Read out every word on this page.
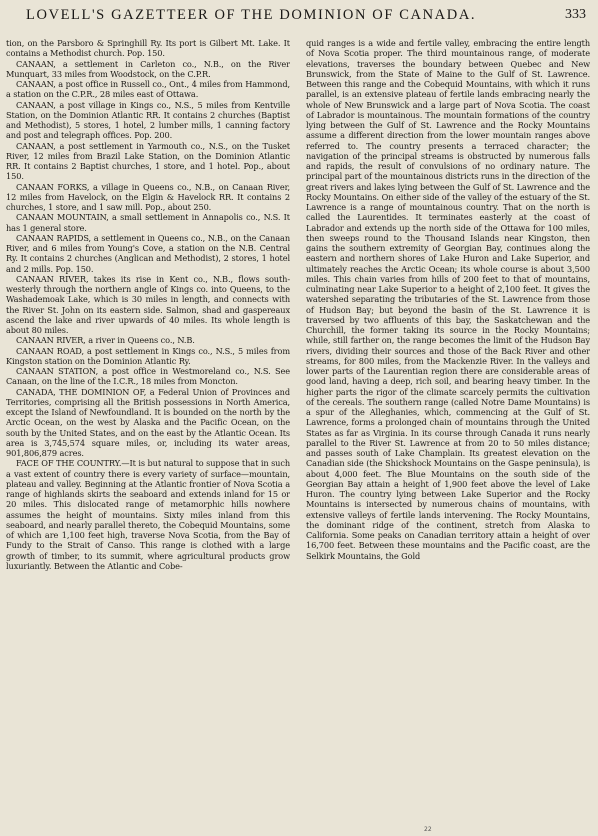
LOVELL'S GAZETTEER OF THE DOMINION OF CANADA.	333

tion, on the Parsboro & Springhill Ry. Its port is Gilbert Mt. Lake. It contains a Methodist church. Pop. 150.

CANAAN, a settlement in Carleton co., N.B., on the River Munquart, 33 miles from Woodstock, on the C.P.R.

CANAAN, a post office in Russell co., Ont., 4 miles from Hammond, a station on the C.P.R., 28 miles east of Ottawa.

CANAAN, a post village in Kings co., N.S., 5 miles from Kentville Station, on the Dominion Atlantic RR. It contains 2 churches (Baptist and Methodist), 5 stores, 1 hotel, 2 lumber mills, 1 canning factory and post and telegraph offices. Pop. 200.

CANAAN, a post settlement in Yarmouth co., N.S., on the Tusket River, 12 miles from Brazil Lake Station, on the Dominion Atlantic RR. It contains 2 Baptist churches, 1 store, and 1 hotel. Pop., about 150.

CANAAN FORKS, a village in Queens co., N.B., on Canaan River, 12 miles from Havelock, on the Elgin & Havelock RR. It contains 2 churches, 1 store, and 1 saw mill. Pop., about 250.

CANAAN MOUNTAIN, a small settlement in Annapolis co., N.S. It has 1 general store.

CANAAN RAPIDS, a settlement in Queens co., N.B., on the Canaan River, and 6 miles from Young's Cove, a station on the N.B. Central Ry. It contains 2 churches (Anglican and Methodist), 2 stores, 1 hotel and 2 mills. Pop. 150.

CANAAN RIVER, takes its rise in Kent co., N.B., flows south-westerly through the northern angle of Kings co. into Queens, to the Washademoak Lake, which is 30 miles in length, and connects with the River St. John on its eastern side. Salmon, shad and gaspereaux ascend the lake and river upwards of 40 miles. Its whole length is about 80 miles.

CANAAN RIVER, a river in Queens co., N.B.

CANAAN ROAD, a post settlement in Kings co., N.S., 5 miles from Kingston station on the Dominion Atlantic Ry.

CANAAN STATION, a post office in Westmoreland co., N.S. See Canaan, on the line of the I.C.R., 18 miles from Moncton.

CANADA, THE DOMINION OF, a Federal Union of Provinces and Territories, comprising all the British possessions in North America, except the Island of Newfoundland. It is bounded on the north by the Arctic Ocean, on the west by Alaska and the Pacific Ocean, on the south by the United States, and on the east by the Atlantic Ocean. Its area is 3,745,574 square miles, or, including its water areas, 901,806,879 acres.

FACE OF THE COUNTRY.—It is but natural to suppose that in such a vast extent of country there is every variety of surface—mountain, plateau and valley. Beginning at the Atlantic frontier of Nova Scotia a range of highlands skirts the seaboard and extends inland for 15 or 20 miles. This dislocated range of metamorphic hills nowhere assumes the height of mountains. Sixty miles inland from this seaboard, and nearly parallel thereto, the Cobequid Mountains, some of which are 1,100 feet high, traverse Nova Scotia, from the Bay of Fundy to the Strait of Canso. This range is clothed with a large growth of timber, to its summit, where agricultural products grow luxuriantly. Between the Atlantic and Cobe-

quid ranges is a wide and fertile valley, embracing the entire length of Nova Scotia proper. The third mountainous range, of moderate elevations, traverses the boundary between Quebec and New Brunswick, from the State of Maine to the Gulf of St. Lawrence. Between this range and the Cobequid Mountains, with which it runs parallel, is an extensive plateau of fertile lands embracing nearly the whole of New Brunswick and a large part of Nova Scotia. The coast of Labrador is mountainous. The mountain formations of the country lying between the Gulf of St. Lawrence and the Rocky Mountains assume a different direction from the lower mountain ranges above referred to. The country presents a terraced character; the navigation of the principal streams is obstructed by numerous falls and rapids, the result of convulsions of no ordinary nature. The principal part of the mountainous districts runs in the direction of the great rivers and lakes lying between the Gulf of St. Lawrence and the Rocky Mountains. On either side of the valley of the estuary of the St. Lawrence is a range of mountainous country. That on the north is called the Laurentides. It terminates easterly at the coast of Labrador and extends up the north side of the Ottawa for 100 miles, then sweeps round to the Thousand Islands near Kingston, then gains the southern extremity of Georgian Bay, continues along the eastern and northern shores of Lake Huron and Lake Superior, and ultimately reaches the Arctic Ocean; its whole course is about 3,500 miles. This chain varies from hills of 200 feet to that of mountains, culminating near Lake Superior to a height of 2,100 feet. It gives the watershed separating the tributaries of the St. Lawrence from those of Hudson Bay; but beyond the basin of the St. Lawrence it is traversed by two affluents of this bay, the Saskatchewan and the Churchill, the former taking its source in the Rocky Mountains; while, still farther on, the range becomes the limit of the Hudson Bay rivers, dividing their sources and those of the Back River and other streams, for 800 miles, from the Mackenzie River. In the valleys and lower parts of the Laurentian region there are considerable areas of good land, having a deep, rich soil, and bearing heavy timber. In the higher parts the rigor of the climate scarcely permits the cultivation of the cereals. The southern range (called Notre Dame Mountains) is a spur of the Alleghanies, which, commencing at the Gulf of St. Lawrence, forms a prolonged chain of mountains through the United States as far as Virginia. In its course through Canada it runs nearly parallel to the River St. Lawrence at from 20 to 50 miles distance; and passes south of Lake Champlain. Its greatest elevation on the Canadian side (the Shickshock Mountains on the Gaspe peninsula), is about 4,000 feet. The Blue Mountains on the south side of the Georgian Bay attain a height of 1,900 feet above the level of Lake Huron. The country lying between Lake Superior and the Rocky Mountains is intersected by numerous chains of mountains, with extensive valleys of fertile lands intervening. The Rocky Mountains, the dominant ridge of the continent, stretch from Alaska to California. Some peaks on Canadian territory attain a height of over 16,700 feet. Between these mountains and the Pacific coast, are the Selkirk Mountains, the Gold

22
